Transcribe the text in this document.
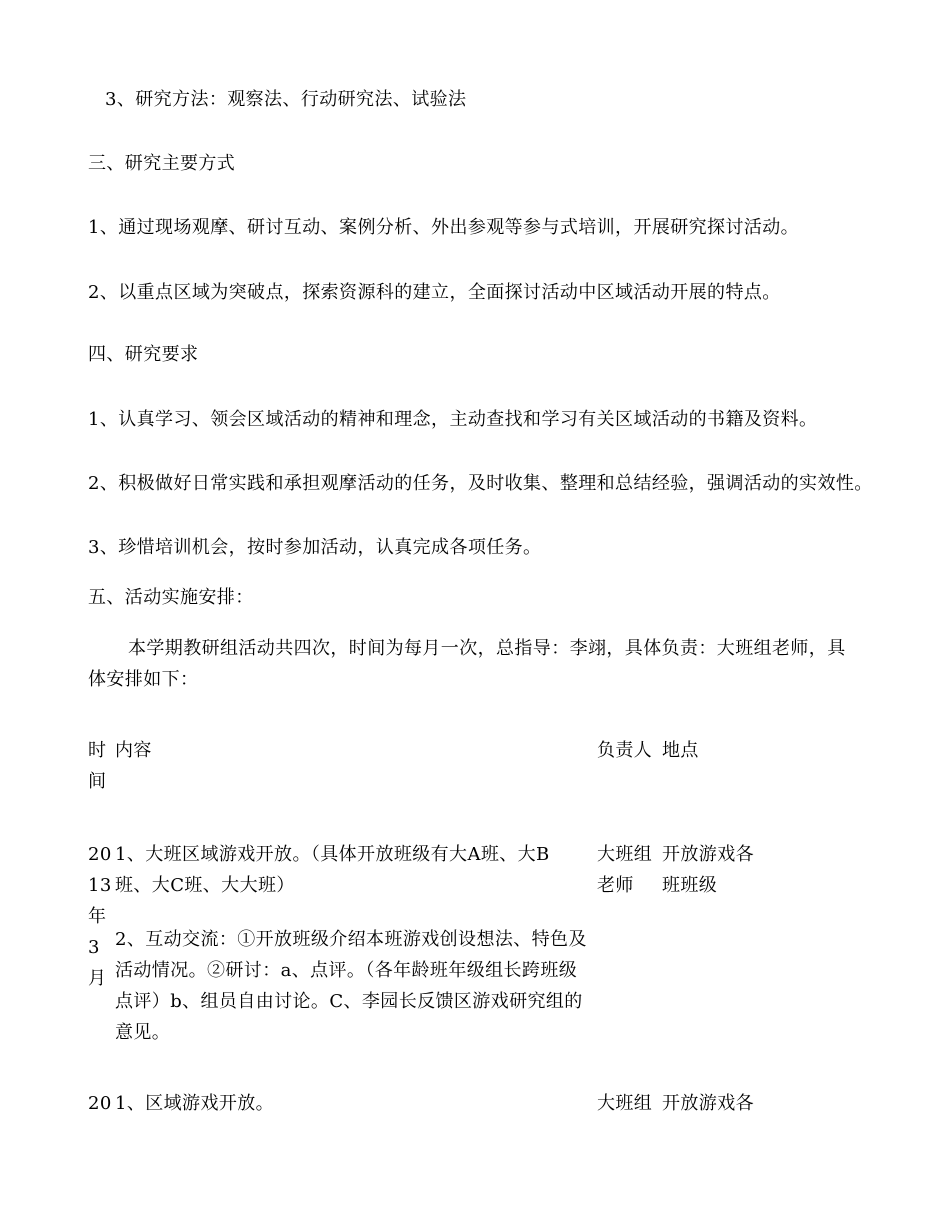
3、研究方法：观察法、行动研究法、试验法

三、研究主要方式

1、通过现场观摩、研讨互动、案例分析、外出参观等参与式培训，开展研究探讨活动。

2、以重点区域为突破点，探索资源科的建立，全面探讨活动中区域活动开展的特点。

四、研究要求

1、认真学习、领会区域活动的精神和理念，主动查找和学习有关区域活动的书籍及资料。

2、积极做好日常实践和承担观摩活动的任务，及时收集、整理和总结经验，强调活动的实效性。

3、珍惜培训机会，按时参加活动，认真完成各项任务。

五、活动实施安排：

本学期教研组活动共四次，时间为每月一次，总指导：李翊，具体负责：大班组老师，具
体安排如下：
时间
内容	负责人 地点
2013年3月
1、大班区域游戏开放。（具体开放班级有大A班、大B
班、大C班、大大班）
2、互动交流：①开放班级介绍本班游戏创设想法、特色及
活动情况。②研讨：a、点评。（各年龄班年级组长跨班级
点评）b、组员自由讨论。C、李园长反馈区游戏研究组的
意见。
大班组老师
开放游戏各班班级
20 1、区域游戏开放。	大班组 开放游戏各
